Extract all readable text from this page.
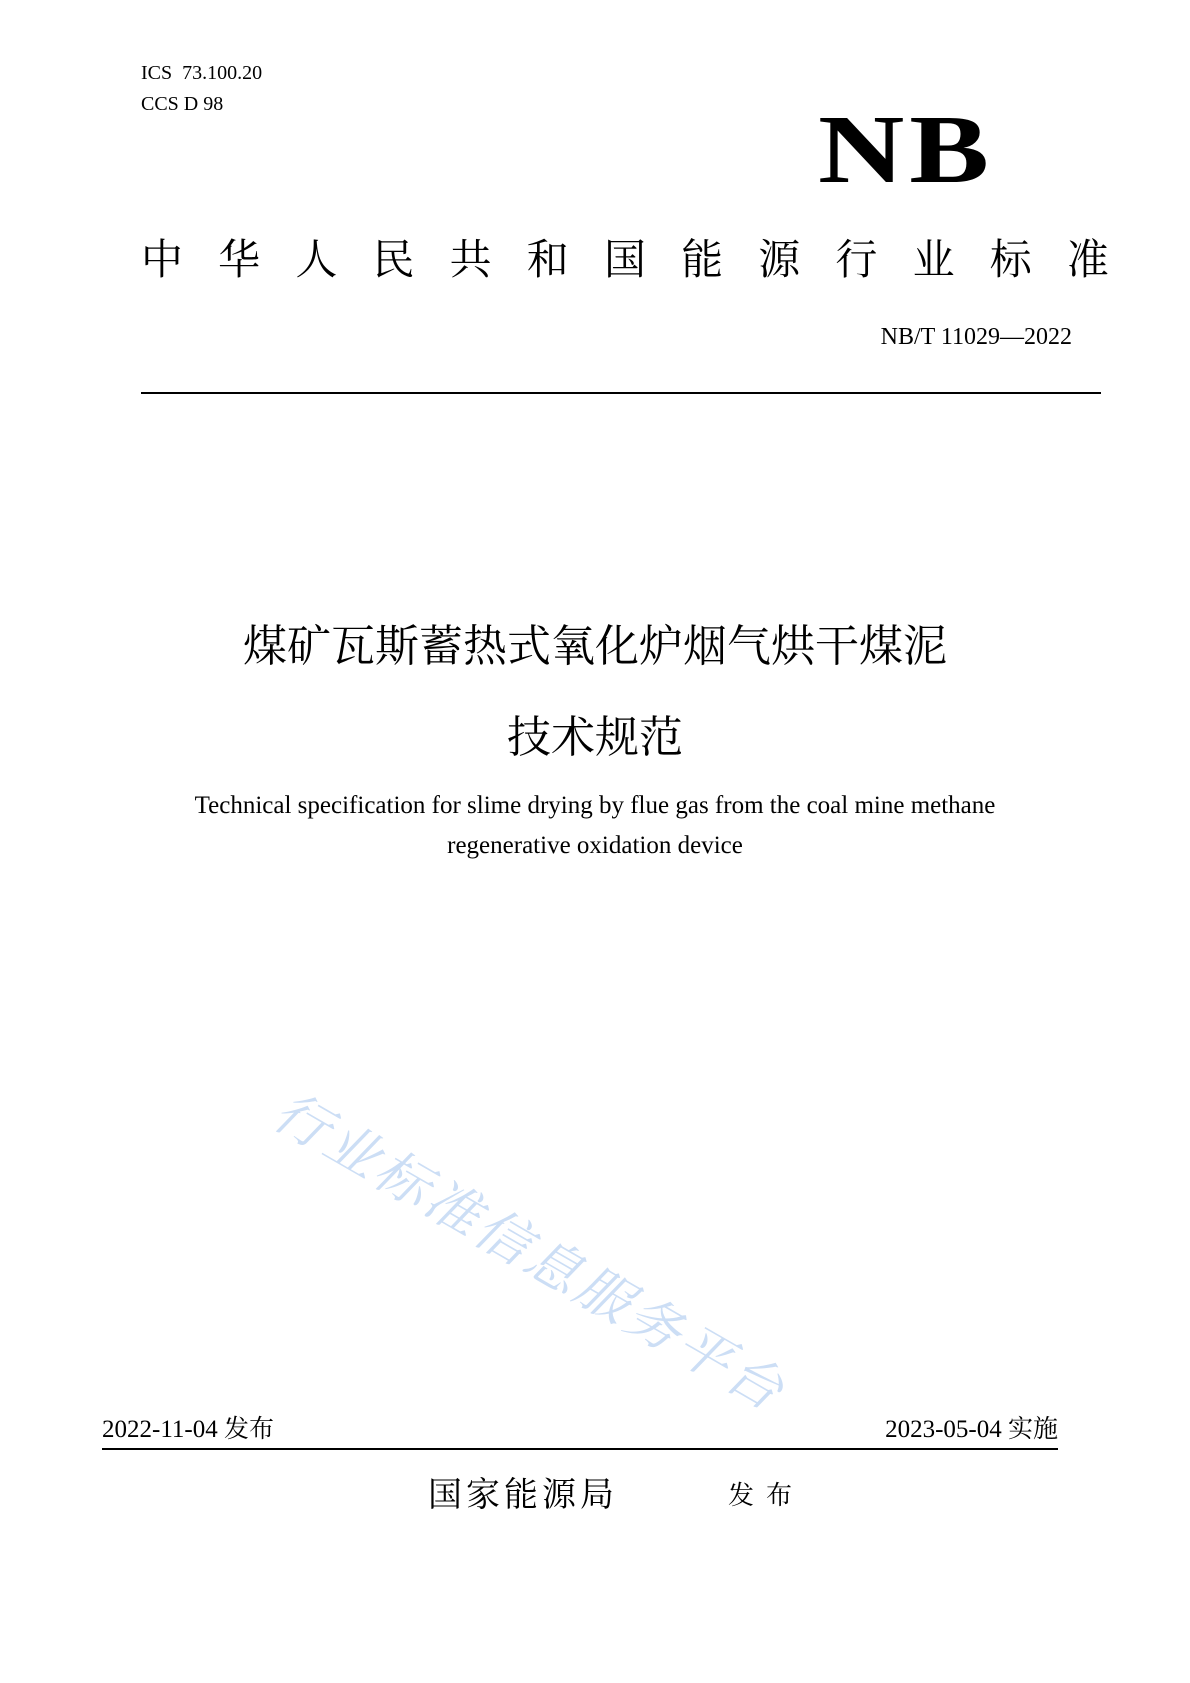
ICS  73.100.20
CCS D 98	NB
中 华 人 民 共 和 国 能 源 行 业 标 准
NB/T 11029—2022
煤矿瓦斯蓄热式氧化炉烟气烘干煤泥
技术规范
Technical specification for slime drying by flue gas from the coal mine methane
regenerative oxidation device
行业标准信息服务平台
2022-11-04 发布	2023-05-04 实施
国家能源局	发布
